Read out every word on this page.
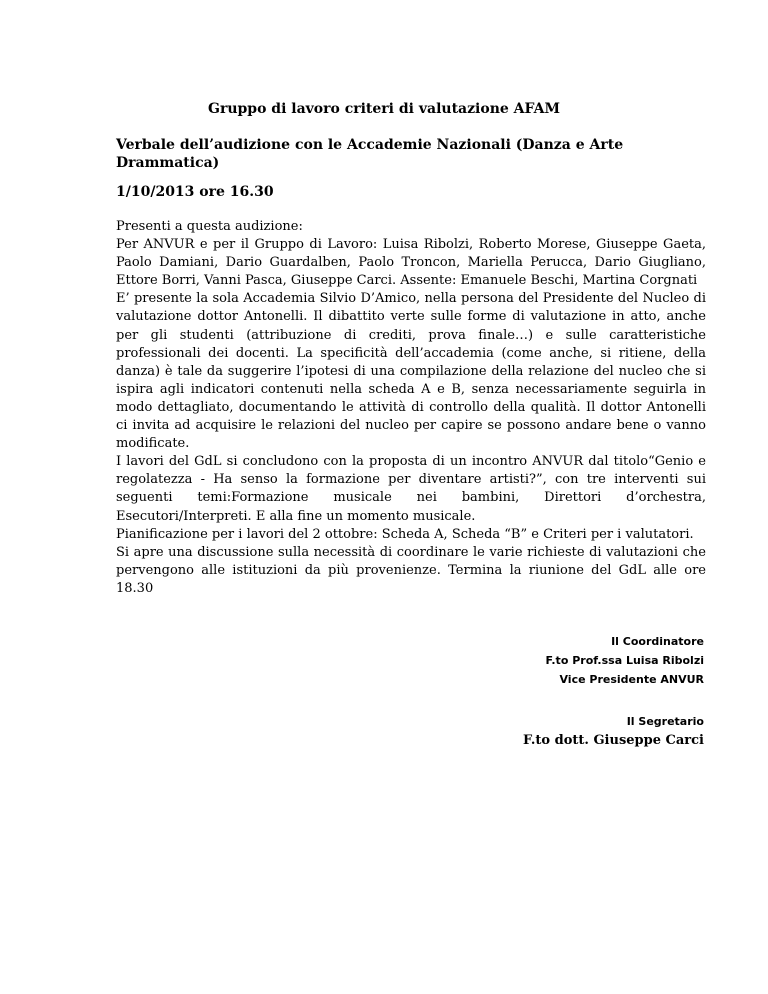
Gruppo di lavoro criteri di valutazione AFAM

Verbale dell’audizione con le Accademie Nazionali (Danza e Arte Drammatica)

1/10/2013 ore 16.30

Presenti a questa audizione:

Per ANVUR e per il Gruppo di Lavoro: Luisa Ribolzi, Roberto Morese, Giuseppe Gaeta, Paolo Damiani, Dario Guardalben, Paolo Troncon, Mariella Perucca, Dario Giugliano, Ettore Borri, Vanni Pasca, Giuseppe Carci. Assente: Emanuele Beschi, Martina Corgnati

E’ presente la sola Accademia Silvio D’Amico, nella persona del Presidente del Nucleo di valutazione dottor Antonelli. Il dibattito verte sulle forme di valutazione in atto, anche per gli studenti (attribuzione di crediti, prova finale…) e sulle caratteristiche professionali dei docenti. La specificità dell’accademia (come anche, si ritiene, della danza) è tale da suggerire l’ipotesi di una compilazione della relazione del nucleo che si ispira agli indicatori contenuti nella scheda A e B, senza necessariamente seguirla in modo dettagliato, documentando le attività di controllo della qualità. Il dottor Antonelli ci invita ad acquisire le relazioni del nucleo per capire se possono andare bene o vanno modificate.

I lavori del GdL si concludono con la proposta di un incontro ANVUR dal titolo“Genio e regolatezza - Ha senso la formazione per diventare artisti?”, con tre interventi sui seguenti temi:Formazione musicale nei bambini, Direttori d’orchestra, Esecutori/Interpreti. E alla fine un momento musicale.

Pianificazione per i lavori del 2 ottobre: Scheda A, Scheda “B” e Criteri per i valutatori.

Si apre una discussione sulla necessità di coordinare le varie richieste di valutazioni che pervengono alle istituzioni da più provenienze. Termina la riunione del GdL alle ore 18.30

Il Coordinatore
F.to Prof.ssa Luisa Ribolzi
Vice Presidente ANVUR
Il Segretario
F.to dott. Giuseppe Carci
